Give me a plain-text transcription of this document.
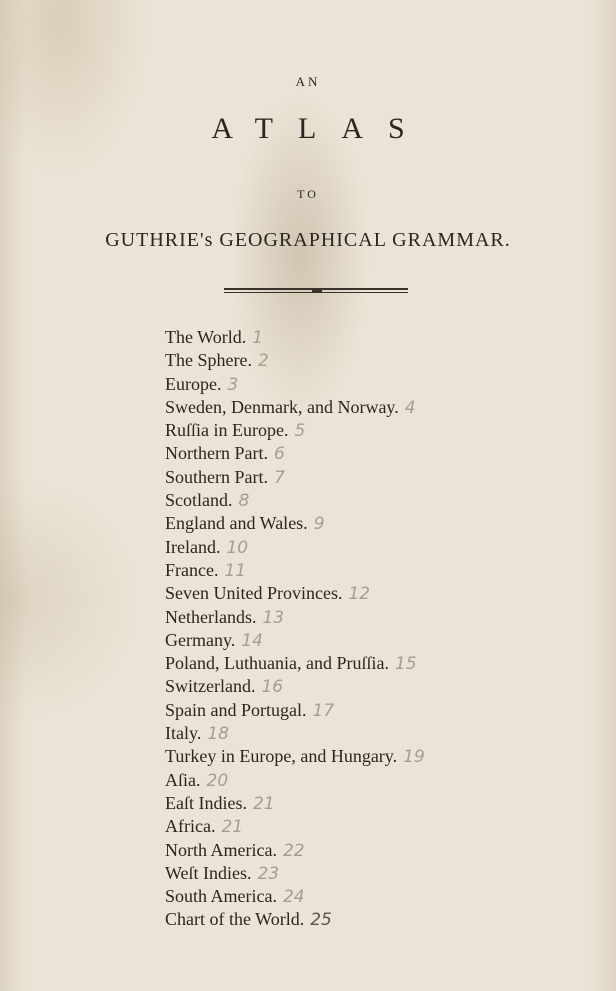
AN
ATLAS
TO
GUTHRIE's GEOGRAPHICAL GRAMMAR.
The World. 1
The Sphere. 2
Europe. 3
Sweden, Denmark, and Norway. 4
Ruſſia in Europe. 5
Northern Part. 6
Southern Part. 7
Scotland. 8
England and Wales. 9
Ireland. 10
France. 11
Seven United Provinces. 12
Netherlands. 13
Germany. 14
Poland, Luthuania, and Pruſſia. 15
Switzerland. 16
Spain and Portugal. 17
Italy. 18
Turkey in Europe, and Hungary. 19
Aſia. 20
Eaſt Indies. 21
Africa. 21
North America. 22
Weſt Indies. 23
South America. 24
Chart of the World. 25
